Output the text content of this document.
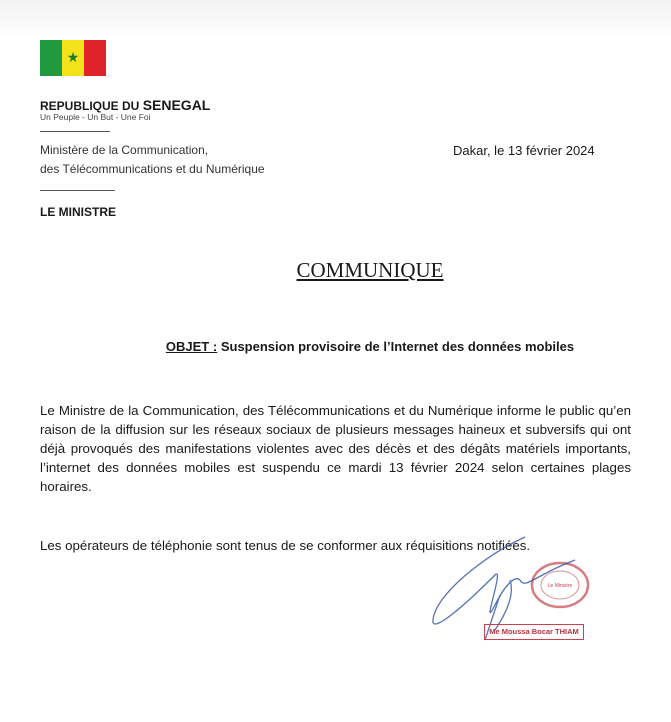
★
REPUBLIQUE DU SENEGAL
Un Peuple - Un But - Une Foi
Ministère de la Communication,
des Télécommunications et du Numérique
Dakar, le 13 février 2024
LE MINISTRE
COMMUNIQUE
OBJET : Suspension provisoire de l’Internet des données mobiles
Le Ministre de la Communication, des Télécommunications et du Numérique informe le public qu’en raison de la diffusion sur les réseaux sociaux de plusieurs messages haineux et subversifs qui ont déjà provoqués des manifestations violentes avec des décès et des dégâts matériels importants, l’internet des données mobiles est suspendu ce mardi 13 février 2024 selon certaines plages horaires.
Les opérateurs de téléphonie sont tenus de se conformer aux réquisitions notifiées.
Le Ministre
Me Moussa Bocar THIAM
